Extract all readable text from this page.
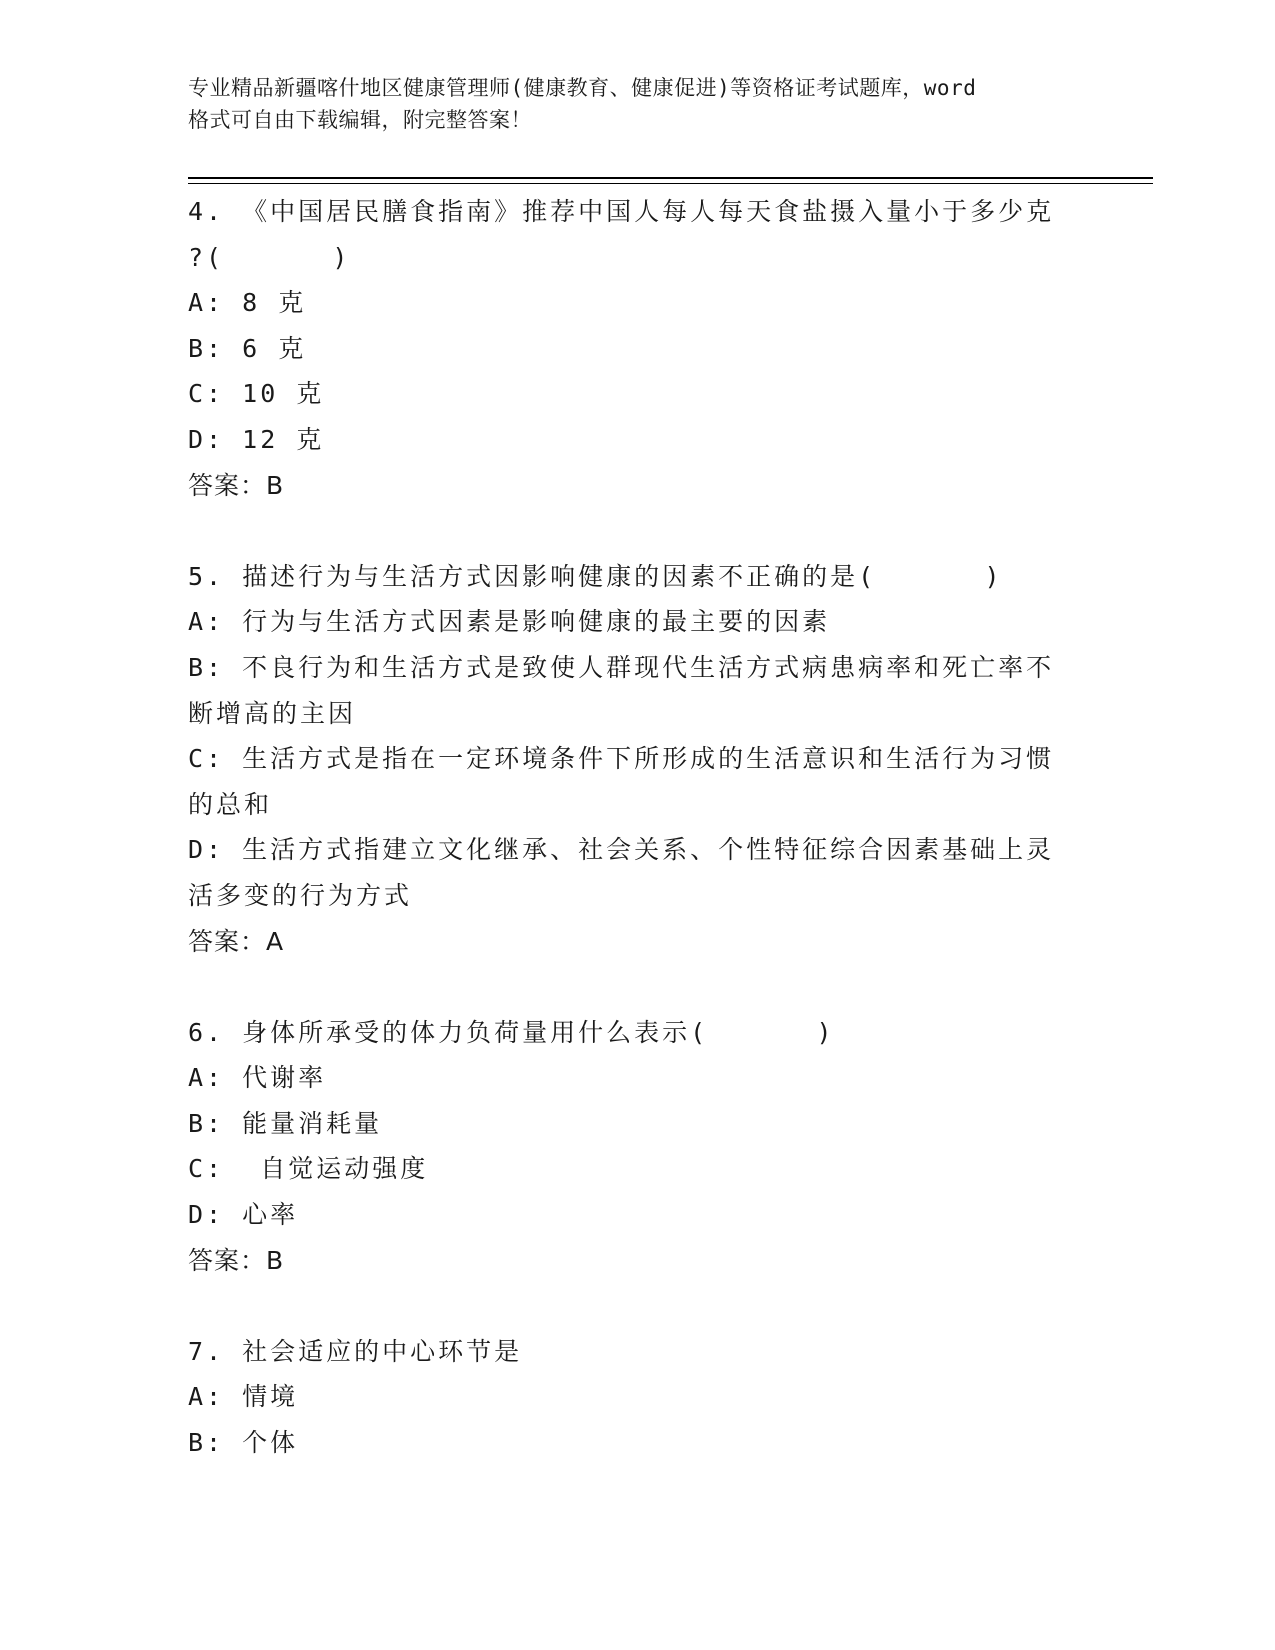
专业精品新疆喀什地区健康管理师(健康教育、健康促进)等资格证考试题库，word
格式可自由下载编辑，附完整答案！
4. 《中国居民膳食指南》推荐中国人每人每天食盐摄入量小于多少克
?(      )
A: 8 克
B: 6 克
C: 10 克
D: 12 克
答案：B
5. 描述行为与生活方式因影响健康的因素不正确的是(      )
A: 行为与生活方式因素是影响健康的最主要的因素
B: 不良行为和生活方式是致使人群现代生活方式病患病率和死亡率不
断增高的主因
C: 生活方式是指在一定环境条件下所形成的生活意识和生活行为习惯
的总和
D: 生活方式指建立文化继承、社会关系、个性特征综合因素基础上灵
活多变的行为方式
答案：A
6. 身体所承受的体力负荷量用什么表示(      )
A: 代谢率
B: 能量消耗量
C:  自觉运动强度
D: 心率
答案：B
7. 社会适应的中心环节是
A: 情境
B: 个体
